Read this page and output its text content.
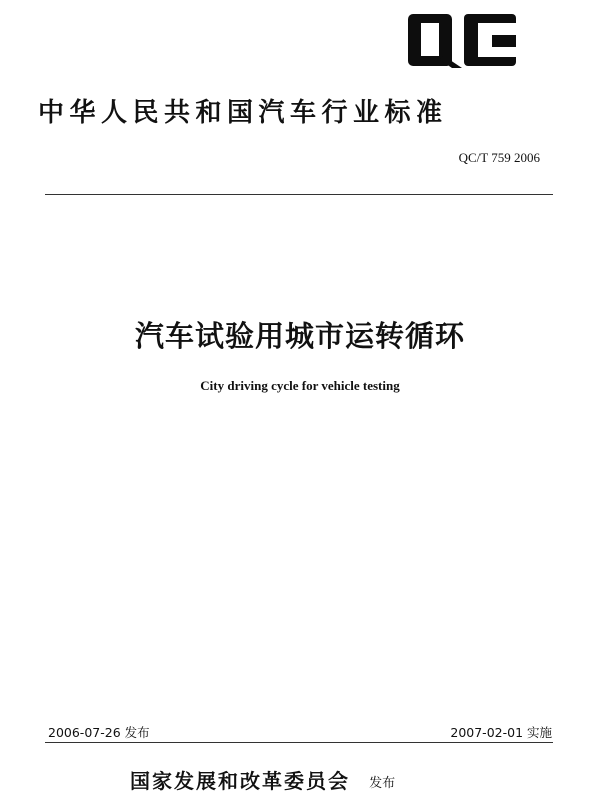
中华人民共和国汽车行业标准
QC/T 759 2006
汽车试验用城市运转循环
City driving cycle for vehicle testing
2006-07-26 发布	2007-02-01 实施
国家发展和改革委员会 发布
